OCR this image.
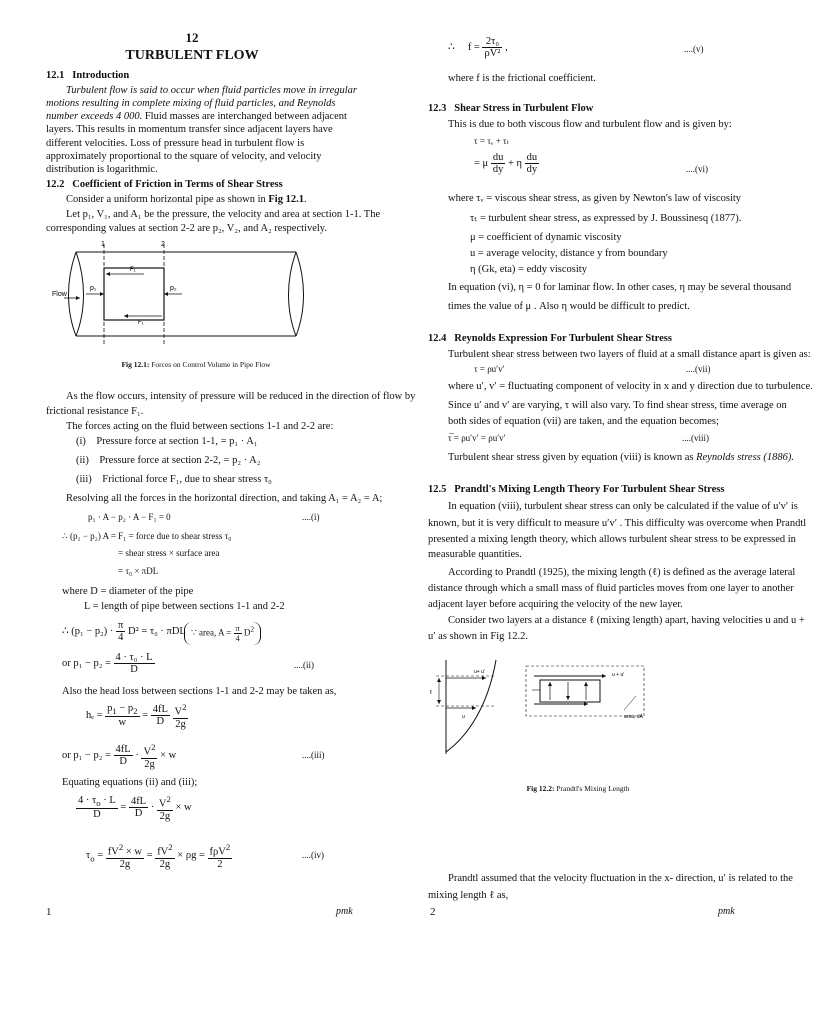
12
TURBULENT FLOW
12.1 Introduction
Turbulent flow is said to occur when fluid particles move in irregular motions resulting in complete mixing of fluid particles, and Reynolds number exceeds 4 000. Fluid masses are interchanged between adjacent layers. This results in momentum transfer since adjacent layers have different velocities. Loss of pressure head in turbulent flow is approximately proportional to the square of velocity, and velocity distribution is logarithmic.
12.2 Coefficient of Friction in Terms of Shear Stress
Consider a uniform horizontal pipe as shown in Fig 12.1.
Let p₁, V₁, and A₁ be the pressure, the velocity and area at section 1-1. The
corresponding values at section 2-2 are p₂, V₂, and A₂ respectively.
Flow
1	2
p₁	p₂
F₁
F₁
Fig 12.1: Forces on Control Volume in Pipe Flow
As the flow occurs, intensity of pressure will be reduced in the direction of flow by
frictional resistance F₁.
The forces acting on the fluid between sections 1-1 and 2-2 are:
(i) Pressure force at section 1-1, = p₁ · A₁
(ii) Pressure force at section 2-2, = p₂ · A₂
(iii) Frictional force F₁, due to shear stress τ₀
Resolving all the forces in the horizontal direction, and taking A₁ = A₂ = A;
p₁ · A − p₂ · A − F₁ = 0	....(i)
∴ (p₁ − p₂) A = F₁ = force due to shear stress τ₀
= shear stress × surface area
= τ₀ × πDL
where D = diameter of the pipe
L = length of pipe between sections 1-1 and 2-2
∴ $(p_1 - p_2) \cdot \frac{\pi}{4} D^2 = \tau_0 \cdot \pi DL$ ∵ area, $A = \frac{\pi}{4} D^2$
or $p_1 - p_2 = \frac{\text{4 · τ₀ · L}}{D}$	....(ii)
Also the head loss between sections 1-1 and 2-2 may be taken as,
$h_e = \frac{p_1 - p_2}{w} = \frac{4fL}{D}$
$\frac{V^2}{2g}$
or $p_1 - p_2 = \frac{4fL}{D} \cdot \frac{V^2}{2g} \times w$	....(iii)
Equating equations (ii) and (iii);
$\frac{4 \cdot \tau_o \cdot L}{D} = \frac{4fL}{D} \cdot \frac{V^2}{2g} \times w$
$\tau_o = \frac{fV^2 \times w}{2g} = \frac{fV^2}{2g} \times \rho g = \frac{f\rho V^2}{2}$	....(iv)
1	pmk
∴ $f = \frac{\text{2τ₀}}{\text{ρV²}}$ ,	....(v)
where f is the frictional coefficient.
12.3 Shear Stress in Turbulent Flow
This is due to both viscous flow and turbulent flow and is given by:
τ = τᵥ + τₜ
= μ $\frac{du}{dy} + \eta \frac{du}{dy}$	....(vi)
where τᵥ = viscous shear stress, as given by Newton's law of viscosity
τₜ = turbulent shear stress, as expressed by J. Boussinesq (1877).
μ = coefficient of dynamic viscosity
u = average velocity, distance y from boundary
η (Gk, eta) = eddy viscosity
In equation (vi), η = 0 for laminar flow. In other cases, η may be several thousand
times the value of μ . Also η would be difficult to predict.
12.4 Reynolds Expression For Turbulent Shear Stress
Turbulent shear stress between two layers of fluid at a small distance apart is given as:
τ = ρu′v′	....(vii)
where u′, v′ = fluctuating component of velocity in x and y direction due to turbulence.
Since u′ and v′ are varying, τ will also vary. To find shear stress, time average on
both sides of equation (vii) are taken, and the equation becomes;
τ̅ = ρu′v′ = ρu′v′	....(viii)
Turbulent shear stress given by equation (viii) is known as Reynolds stress (1886).
12.5 Prandtl's Mixing Length Theory For Turbulent Shear Stress
In equation (viii), turbulent shear stress can only be calculated if the value of u′v′ is
known, but it is very difficult to measure u′v′ . This difficulty was overcome when Prandtl
presented a mixing length theory, which allows turbulent shear stress to be expressed in
measurable quantities.
According to Prandtl (1925), the mixing length (ℓ) is defined as the average lateral
distance through which a small mass of fluid particles moves from one layer to another
adjacent layer before acquiring the velocity of the new layer.
Consider two layers at a distance ℓ (mixing length) apart, having velocities u and u +
u′ as shown in Fig 12.2.
u+ u′
u
ℓ
u + u′
area, dA
Fig 12.2: Prandtl's Mixing Length
Prandtl assumed that the velocity fluctuation in the x- direction, u′ is related to the
mixing length ℓ as,
2	pmk
